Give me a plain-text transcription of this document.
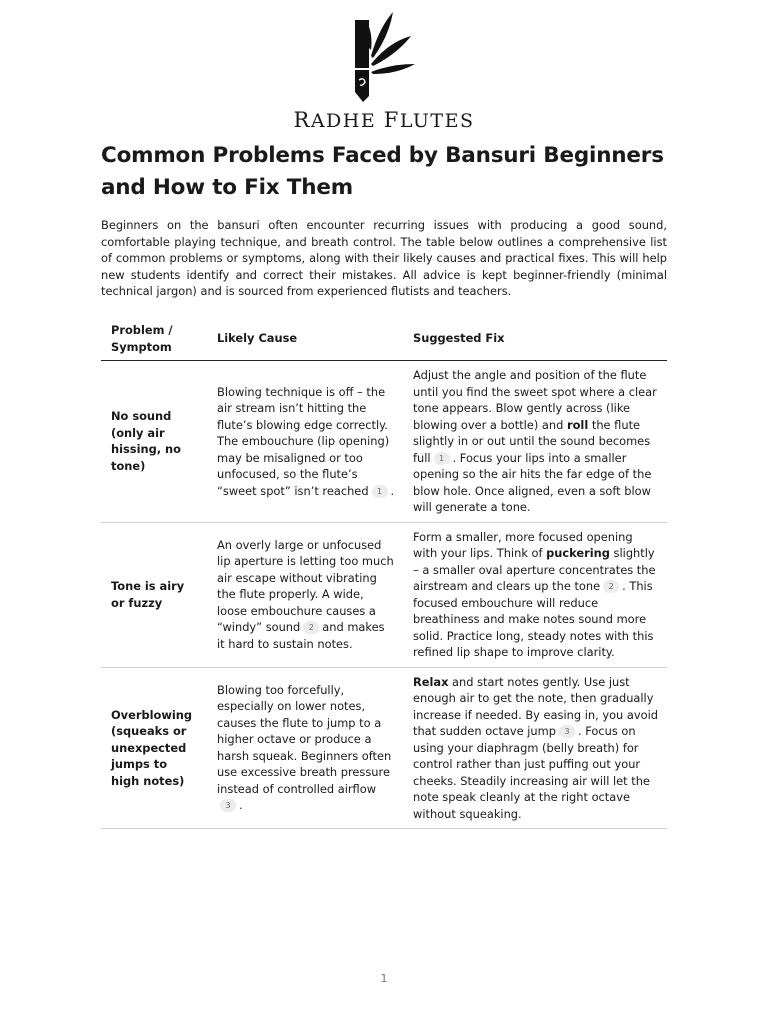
RADHE FLUTES
Common Problems Faced by Bansuri Beginners and How to Fix Them

Beginners on the bansuri often encounter recurring issues with producing a good sound, comfortable playing technique, and breath control. The table below outlines a comprehensive list of common problems or symptoms, along with their likely causes and practical fixes. This will help new students identify and correct their mistakes. All advice is kept beginner-friendly (minimal technical jargon) and is sourced from experienced flutists and teachers.

Problem / Symptom	Likely Cause	Suggested Fix
No sound (only air hissing, no tone)	Blowing technique is off – the air stream isn’t hitting the flute’s blowing edge correctly. The embouchure (lip opening) may be misaligned or too unfocused, so the flute’s “sweet spot” isn’t reached 1 .	Adjust the angle and position of the flute until you find the sweet spot where a clear tone appears. Blow gently across (like blowing over a bottle) and roll the flute slightly in or out until the sound becomes full 1 . Focus your lips into a smaller opening so the air hits the far edge of the blow hole. Once aligned, even a soft blow will generate a tone.
Tone is airy or fuzzy	An overly large or unfocused lip aperture is letting too much air escape without vibrating the flute properly. A wide, loose embouchure causes a “windy” sound 2 and makes it hard to sustain notes.	Form a smaller, more focused opening with your lips. Think of puckering slightly – a smaller oval aperture concentrates the airstream and clears up the tone 2 . This focused embouchure will reduce breathiness and make notes sound more solid. Practice long, steady notes with this refined lip shape to improve clarity.
Overblowing (squeaks or unexpected jumps to high notes)	Blowing too forcefully, especially on lower notes, causes the flute to jump to a higher octave or produce a harsh squeak. Beginners often use excessive breath pressure instead of controlled airflow3 .	Relax and start notes gently. Use just enough air to get the note, then gradually increase if needed. By easing in, you avoid that sudden octave jump 3 . Focus on using your diaphragm (belly breath) for control rather than just puffing out your cheeks. Steadily increasing air will let the note speak cleanly at the right octave without squeaking.
1
